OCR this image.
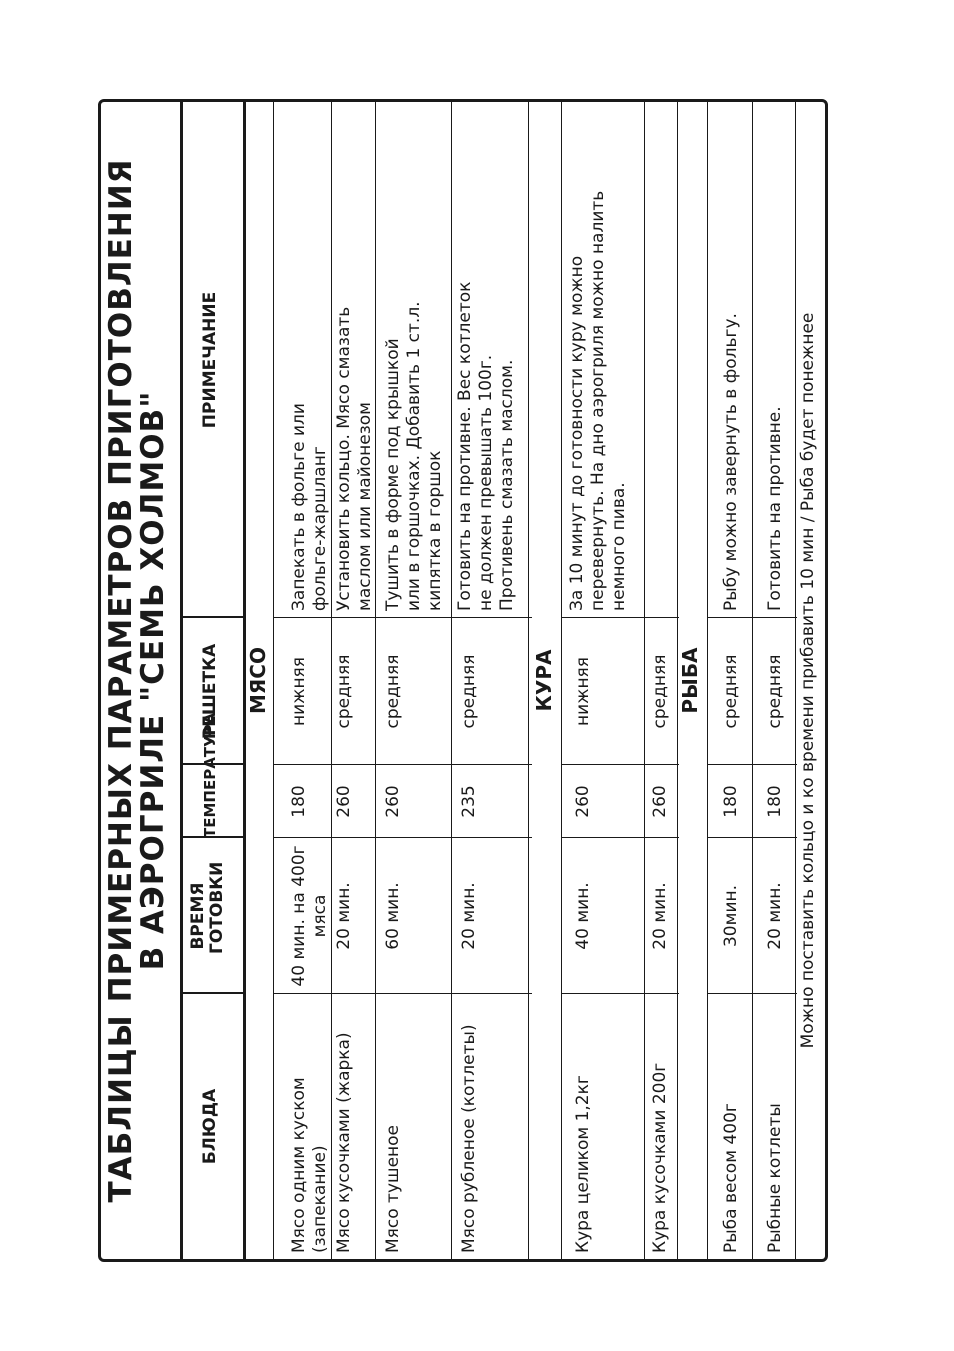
ТАБЛИЦЫ ПРИМЕРНЫХ ПАРАМЕТРОВ ПРИГОТОВЛЕНИЯ
В АЭРОГРИЛЕ "СЕМЬ ХОЛМОВ"
БЛЮДА
ВРЕМЯ ГОТОВКИ
ТЕМПЕРАТУРА
РЕШЕТКА
ПРИМЕЧАНИЕ
МЯСО
Мясо одним куском (запекание)
40 мин. на 400г мяса
180
нижняя
Запекать в фольге или фольге-жаршланг
Мясо кусочками (жарка)
20 мин.
260
средняя
Установить кольцо. Мясо смазать маслом или майонезом
Мясо тушеное
60 мин.
260
средняя
Тушить в форме под крышкой или в горшочках. Добавить 1 ст.л. кипятка в горшок
Мясо рубленое (котлеты)
20 мин.
235
средняя
Готовить на противне. Вес котлеток не должен превышать 100г. Противень смазать маслом.
КУРА
Кура целиком 1,2кг
40 мин.
260
нижняя
За 10 минут до готовности куру можно перевернуть. На дно аэрогриля можно налить немного пива.
Кура кусочками 200г
20 мин.
260
средняя РЫБА
Рыба весом 400г
30мин.
180
средняя
Рыбу можно завернуть в фольгу.
Рыбные котлеты
20 мин.
180
средняя
Готовить на противне. Можно поставить кольцо и ко времени прибавить 10 мин / Рыба будет понежнее
